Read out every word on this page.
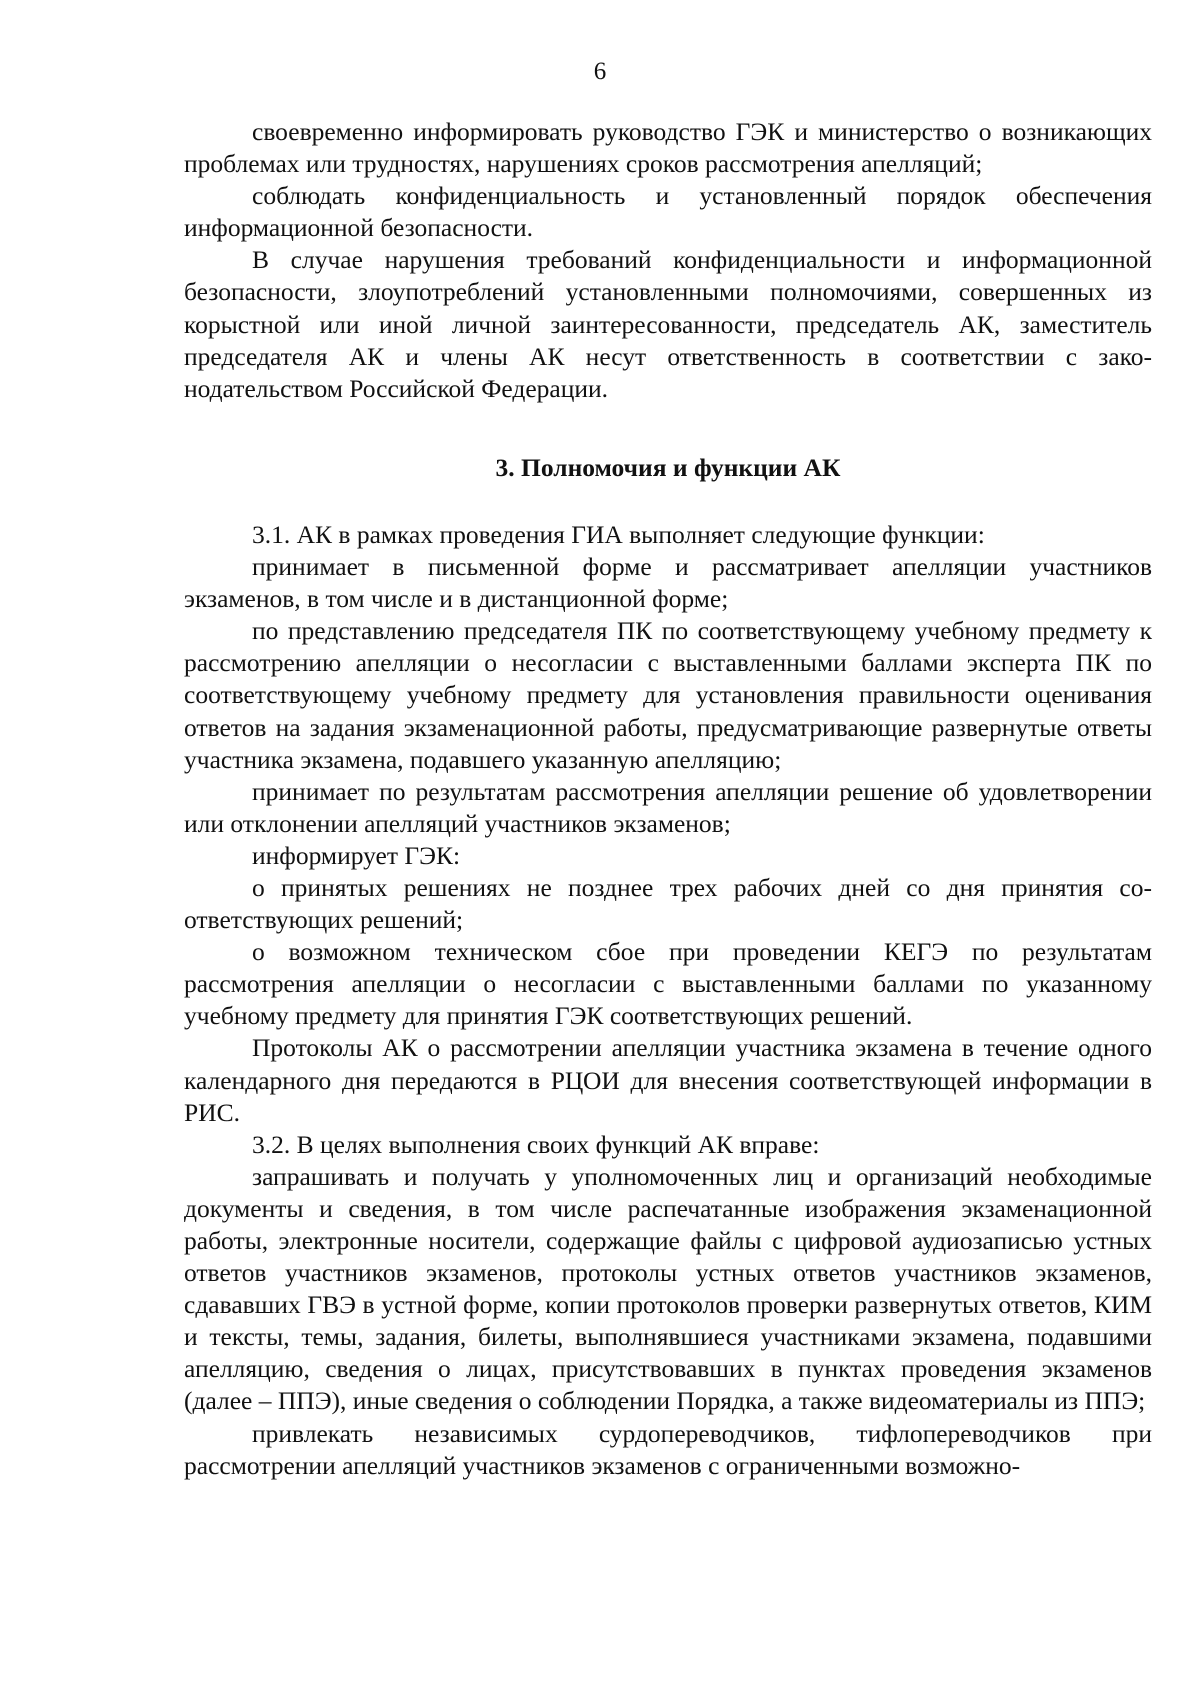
6

своевременно информировать руководство ГЭК и министерство о возникающих проблемах или трудностях, нарушениях сроков рассмотрения апелляций;

соблюдать конфиденциальность и установленный порядок обеспечения информационной безопасности.

В случае нарушения требований конфиденциальности и информационной безопасности, злоупотреблений установленными полномочиями, совершенных из корыстной или иной личной заинтересованности, председатель АК, заместитель председателя АК и члены АК несут ответственность в соответствии с законодательством Российской Федерации.

3. Полномочия и функции АК

3.1. АК в рамках проведения ГИА выполняет следующие функции:

принимает в письменной форме и рассматривает апелляции участников экзаменов, в том числе и в дистанционной форме;

по представлению председателя ПК по соответствующему учебному предмету к рассмотрению апелляции о несогласии с выставленными баллами эксперта ПК по соответствующему учебному предмету для установления правильности оценивания ответов на задания экзаменационной работы, предусматривающие развернутые ответы участника экзамена, подавшего указанную апелляцию;

принимает по результатам рассмотрения апелляции решение об удовлетворении или отклонении апелляций участников экзаменов;

информирует ГЭК:

о принятых решениях не позднее трех рабочих дней со дня принятия соответствующих решений;

о возможном техническом сбое при проведении КЕГЭ по результатам рассмотрения апелляции о несогласии с выставленными баллами по указанному учебному предмету для принятия ГЭК соответствующих решений.

Протоколы АК о рассмотрении апелляции участника экзамена в течение одного календарного дня передаются в РЦОИ для внесения соответствующей информации в РИС.

3.2. В целях выполнения своих функций АК вправе:

запрашивать и получать у уполномоченных лиц и организаций необходимые документы и сведения, в том числе распечатанные изображения экзаменационной работы, электронные носители, содержащие файлы с цифровой аудиозаписью устных ответов участников экзаменов, протоколы устных ответов участников экзаменов, сдававших ГВЭ в устной форме, копии протоколов проверки развернутых ответов, КИМ и тексты, темы, задания, билеты, выполнявшиеся участниками экзамена, подавшими апелляцию, сведения о лицах, присутствовавших в пунктах проведения экзаменов (далее – ППЭ), иные сведения о соблюдении Порядка, а также видеоматериалы из ППЭ;

привлекать независимых сурдопереводчиков, тифлопереводчиков при рассмотрении апелляций участников экзаменов с ограниченными возможно-
